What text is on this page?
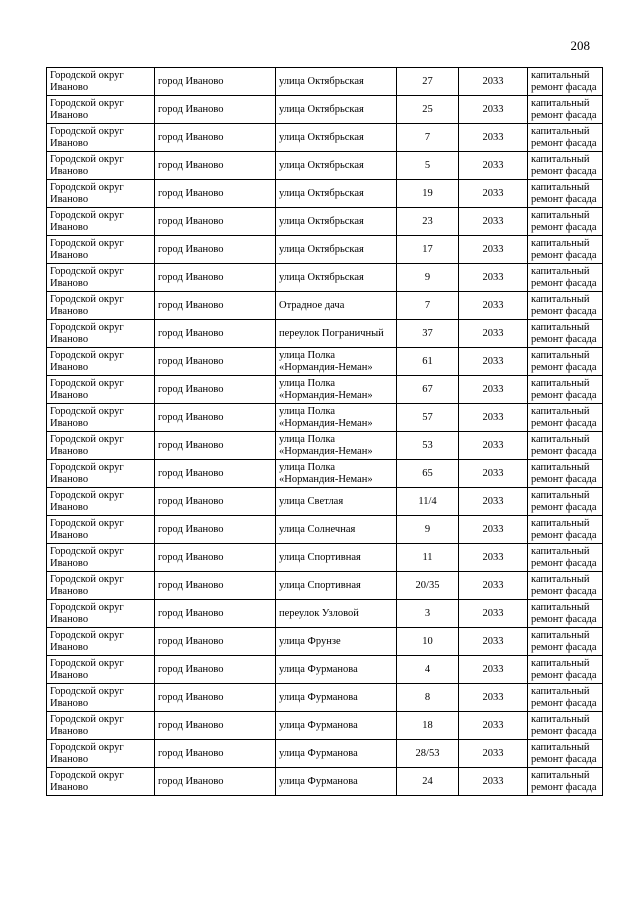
208
Городской округ Иваново	город Иваново	улица Октябрьская	27	2033	капитальный ремонт фасада
Городской округ Иваново	город Иваново	улица Октябрьская	25	2033	капитальный ремонт фасада
Городской округ Иваново	город Иваново	улица Октябрьская	7	2033	капитальный ремонт фасада
Городской округ Иваново	город Иваново	улица Октябрьская	5	2033	капитальный ремонт фасада
Городской округ Иваново	город Иваново	улица Октябрьская	19	2033	капитальный ремонт фасада
Городской округ Иваново	город Иваново	улица Октябрьская	23	2033	капитальный ремонт фасада
Городской округ Иваново	город Иваново	улица Октябрьская	17	2033	капитальный ремонт фасада
Городской округ Иваново	город Иваново	улица Октябрьская	9	2033	капитальный ремонт фасада
Городской округ Иваново	город Иваново	Отрадное дача	7	2033	капитальный ремонт фасада
Городской округ Иваново	город Иваново	переулок Пограничный	37	2033	капитальный ремонт фасада
Городской округ Иваново	город Иваново	улица Полка «Нормандия-Неман»	61	2033	капитальный ремонт фасада
Городской округ Иваново	город Иваново	улица Полка «Нормандия-Неман»	67	2033	капитальный ремонт фасада
Городской округ Иваново	город Иваново	улица Полка «Нормандия-Неман»	57	2033	капитальный ремонт фасада
Городской округ Иваново	город Иваново	улица Полка «Нормандия-Неман»	53	2033	капитальный ремонт фасада
Городской округ Иваново	город Иваново	улица Полка «Нормандия-Неман»	65	2033	капитальный ремонт фасада
Городской округ Иваново	город Иваново	улица Светлая	11/4	2033	капитальный ремонт фасада
Городской округ Иваново	город Иваново	улица Солнечная	9	2033	капитальный ремонт фасада
Городской округ Иваново	город Иваново	улица Спортивная	11	2033	капитальный ремонт фасада
Городской округ Иваново	город Иваново	улица Спортивная	20/35	2033	капитальный ремонт фасада
Городской округ Иваново	город Иваново	переулок Узловой	3	2033	капитальный ремонт фасада
Городской округ Иваново	город Иваново	улица Фрунзе	10	2033	капитальный ремонт фасада
Городской округ Иваново	город Иваново	улица Фурманова	4	2033	капитальный ремонт фасада
Городской округ Иваново	город Иваново	улица Фурманова	8	2033	капитальный ремонт фасада
Городской округ Иваново	город Иваново	улица Фурманова	18	2033	капитальный ремонт фасада
Городской округ Иваново	город Иваново	улица Фурманова	28/53	2033	капитальный ремонт фасада
Городской округ Иваново	город Иваново	улица Фурманова	24	2033	капитальный ремонт фасада
